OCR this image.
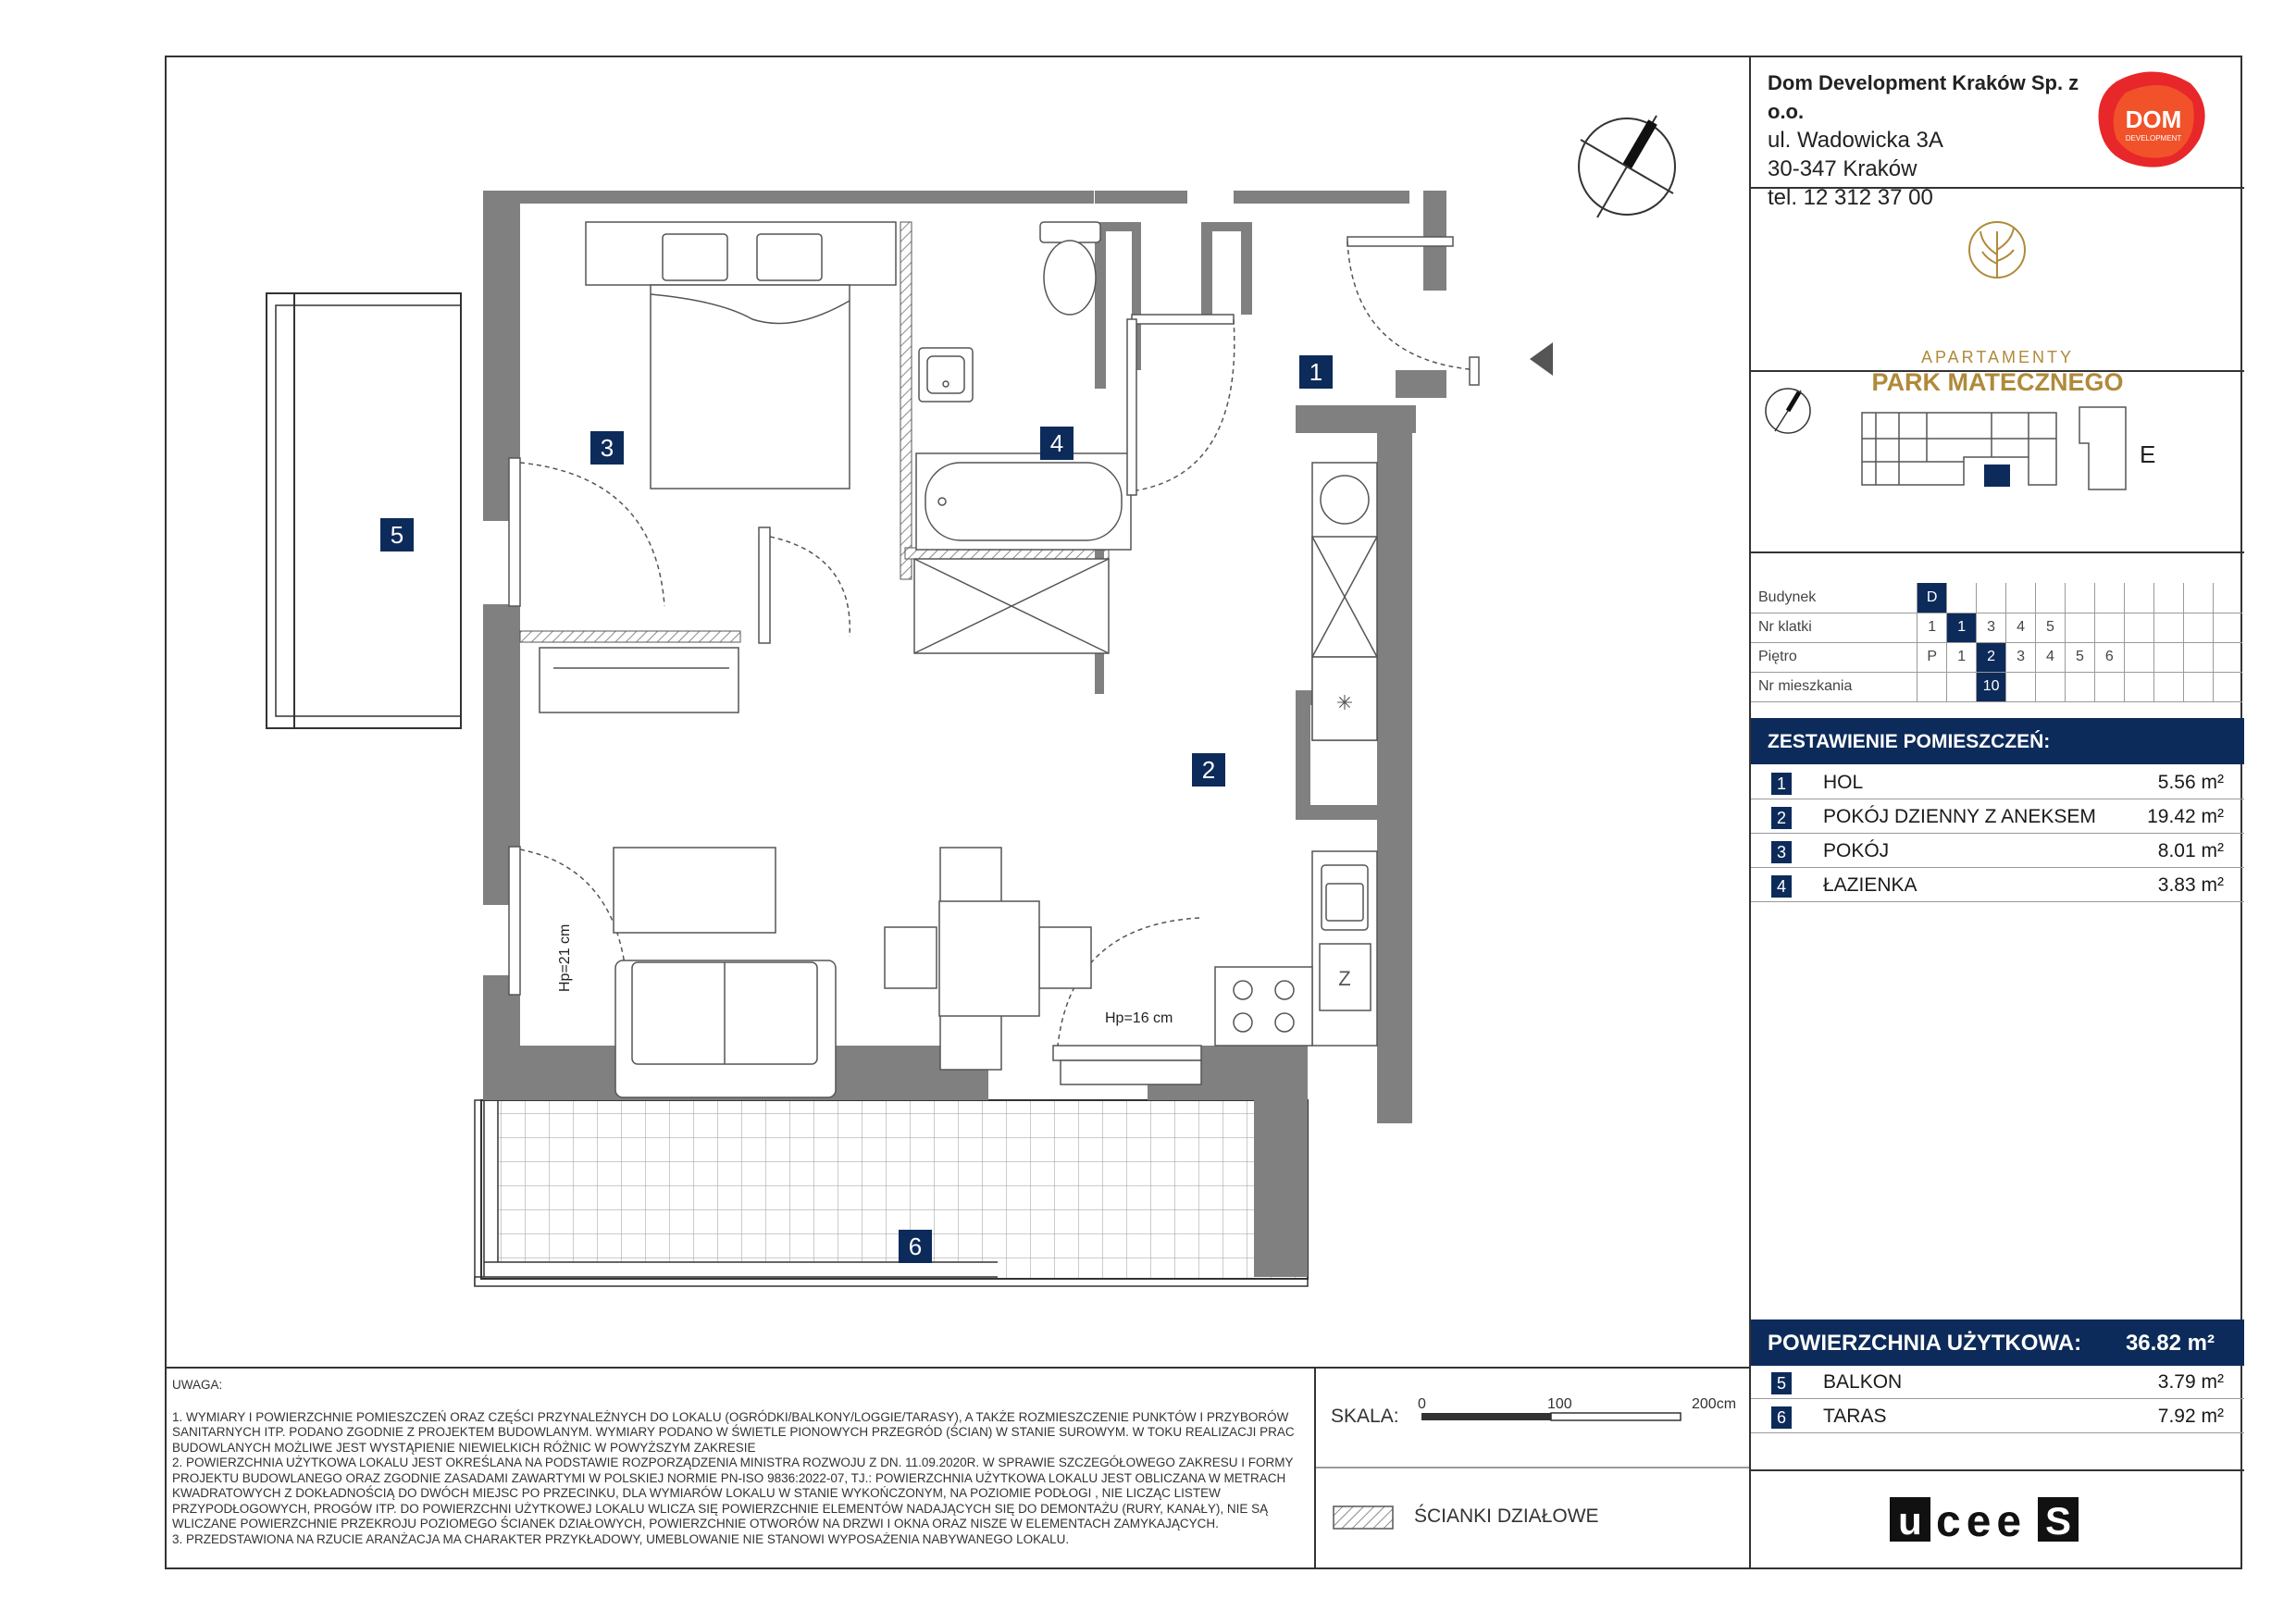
✳
Z
1
2
3	4
5
6
Hp=21 cm
Hp=16 cm
Dom Development Kraków Sp. z o.o.
ul. Wadowicka 3A
30-347 Kraków
tel. 12 312 37 00
DOM
DEVELOPMENT
APARTAMENTY
PARK MATECZNEGO
E
Budynek	D										
Nr klatki	1	1	3	4	5						
Piętro	P	1	2	3	4	5	6				
Nr mieszkania			10								
ZESTAWIENIE POMIESZCZEŃ:
1 HOL	5.56 m²
2 POKÓJ DZIENNY Z ANEKSEM	19.42 m²
3 POKÓJ	8.01 m²
4 ŁAZIENKA	3.83 m²
POWIERZCHNIA UŻYTKOWA: 36.82 m²
5 BALKON	3.79 m²
6 TARAS	7.92 m²
u cee S
UWAGA:
1. WYMIARY I POWIERZCHNIE POMIESZCZEŃ ORAZ CZĘŚCI PRZYNALEŻNYCH DO LOKALU (OGRÓDKI/BALKONY/LOGGIE/TARASY), A TAKŻE ROZMIESZCZENIE PUNKTÓW I PRZYBORÓW SANITARNYCH ITP. PODANO ZGODNIE Z PROJEKTEM BUDOWLANYM. WYMIARY PODANO W ŚWIETLE PIONOWYCH PRZEGRÓD (ŚCIAN) W STANIE SUROWYM. W TOKU REALIZACJI PRAC BUDOWLANYCH MOŻLIWE JEST WYSTĄPIENIE NIEWIELKICH RÓŻNIC W POWYŻSZYM ZAKRESIE
2. POWIERZCHNIA UŻYTKOWA LOKALU JEST OKREŚLANA NA PODSTAWIE ROZPORZĄDZENIA MINISTRA ROZWOJU Z DN. 11.09.2020R. W SPRAWIE SZCZEGÓŁOWEGO ZAKRESU I FORMY PROJEKTU BUDOWLANEGO ORAZ ZGODNIE ZASADAMI ZAWARTYMI W POLSKIEJ NORMIE PN-ISO 9836:2022-07, TJ.: POWIERZCHNIA UŻYTKOWA LOKALU JEST OBLICZANA W METRACH KWADRATOWYCH Z DOKŁADNOŚCIĄ DO DWÓCH MIEJSC PO PRZECINKU, DLA WYMIARÓW LOKALU W STANIE WYKOŃCZONYM, NA POZIOMIE PODŁOGI , NIE LICZĄC LISTEW PRZYPODŁOGOWYCH, PROGÓW ITP. DO POWIERZCHNI UŻYTKOWEJ LOKALU WLICZA SIĘ POWIERZCHNIE ELEMENTÓW NADAJĄCYCH SIĘ DO DEMONTAŻU (RURY, KANAŁY), NIE SĄ WLICZANE POWIERZCHNIE PRZEKROJU POZIOMEGO ŚCIANEK DZIAŁOWYCH, POWIERZCHNIE OTWORÓW NA DRZWI I OKNA ORAZ NISZE W ELEMENTACH ZAMYKAJĄCYCH.
3. PRZEDSTAWIONA NA RZUCIE ARANŻACJA MA CHARAKTER PRZYKŁADOWY, UMEBLOWANIE NIE STANOWI WYPOSAŻENIA NABYWANEGO LOKALU.
SKALA:
0	100	200cm
ŚCIANKI DZIAŁOWE
